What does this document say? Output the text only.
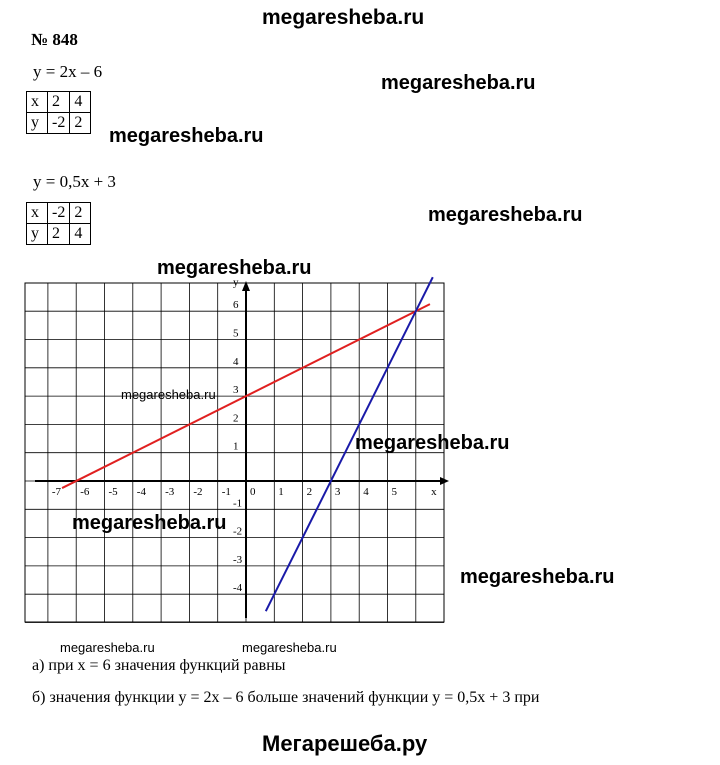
megaresheba.ru
megaresheba.ru
megaresheba.ru
megaresheba.ru
megaresheba.ru
megaresheba.ru
megaresheba.ru
megaresheba.ru
megaresheba.ru
megaresheba.ru	megaresheba.ru
№ 848
y = 2x – 6
x	2	4
y	-2	2
y = 0,5x + 3
x	-2	2
y	2	4
-7 -6 -5 -4 -3 -2 -1 0 1 2 3 4 5	x
y
6
5
4
3
2
1
-1
-2
-3
-4
а) при x = 6 значения функций равны
б) значения функции y = 2x – 6 больше значений функции y = 0,5x + 3 при
Мегарешеба.ру
